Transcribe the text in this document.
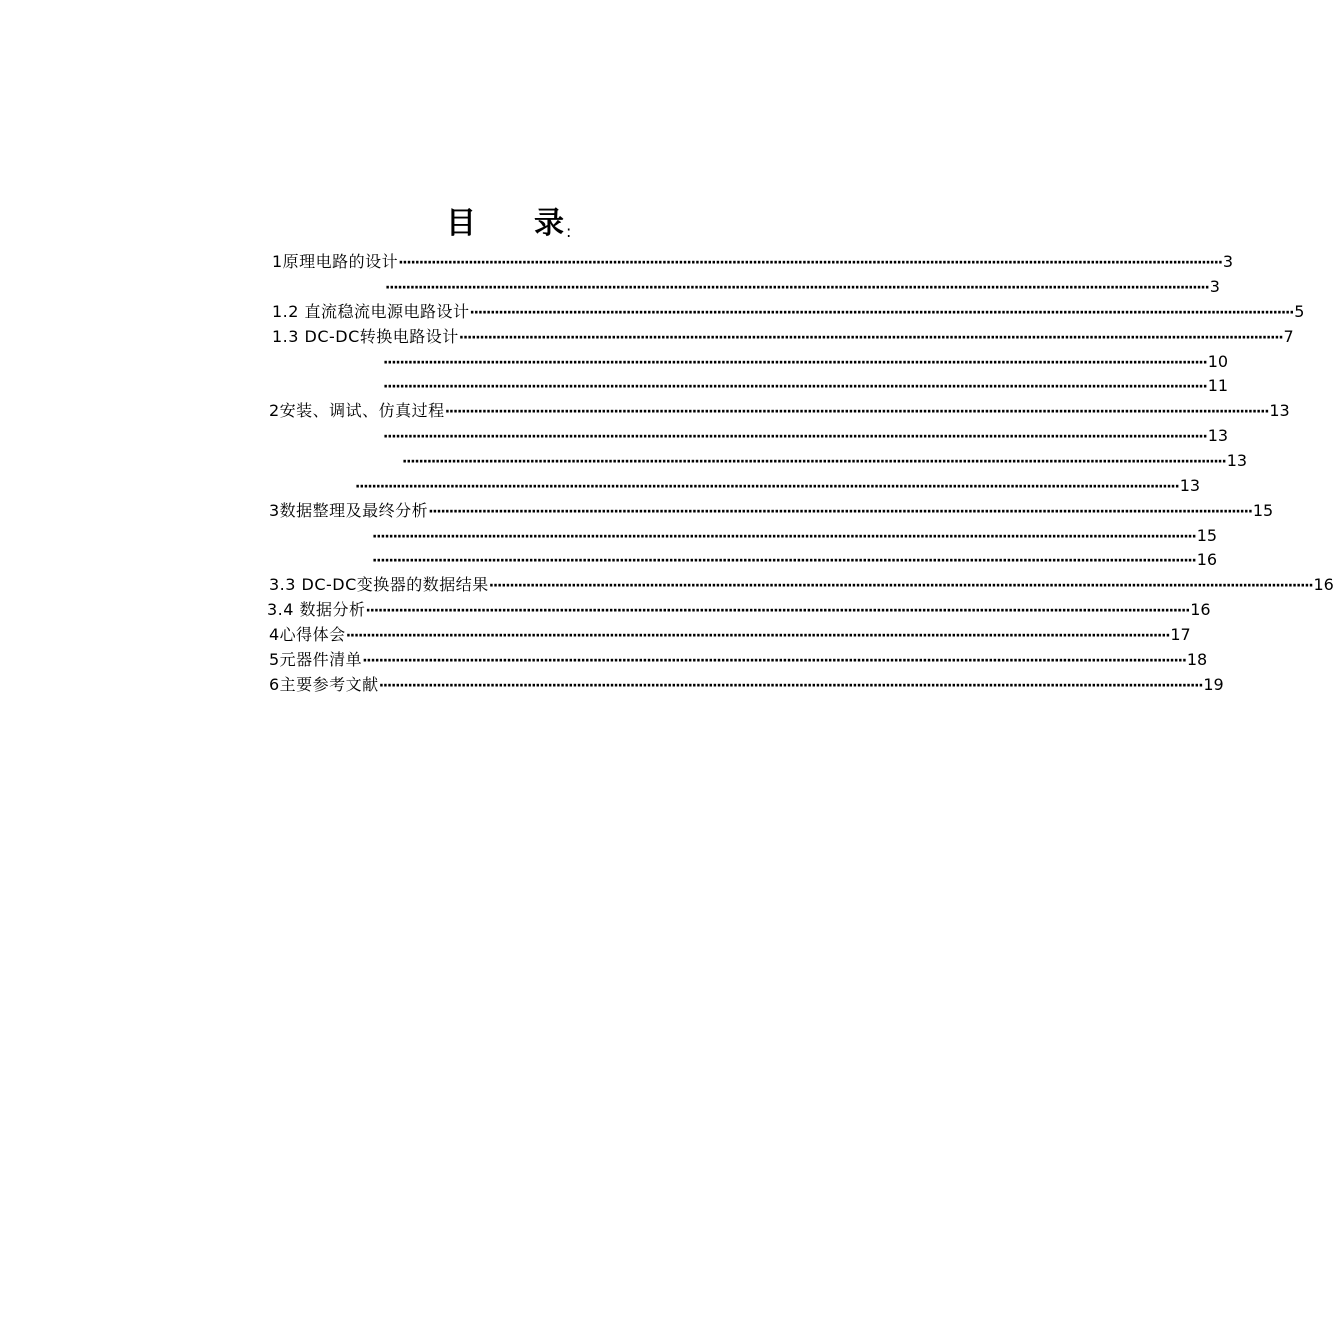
目 录 :
1原理电路的设计 ········································································································································································································ 3
········································································································································································································ 3
1.2 直流稳流电源电路设计 ········································································································································································································ 5
1.3 DC-DC转换电路设计 ········································································································································································································ 7
········································································································································································································ 10
········································································································································································································ 11
2安装、调试、仿真过程 ········································································································································································································ 13
········································································································································································································ 13
········································································································································································································ 13
········································································································································································································ 13
3数据整理及最终分析 ········································································································································································································ 15
········································································································································································································ 15
········································································································································································································ 16
3.3 DC-DC变换器的数据结果 ········································································································································································································ 16
3.4 数据分析 ········································································································································································································ 16
4心得体会 ········································································································································································································ 17
5元器件清单 ········································································································································································································ 18
6主要参考文献 ········································································································································································································ 19
